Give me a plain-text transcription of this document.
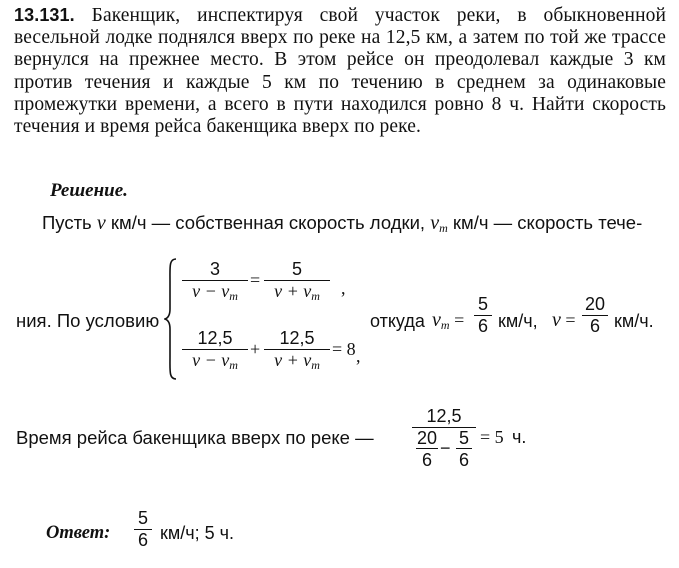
13.131. Бакенщик, инспектируя свой участок реки, в обыкновенной весельной лодке поднялся вверх по реке на 12,5 км, а затем по той же трассе вернулся на прежнее место. В этом рейсе он преодолевал каждые 3 км против течения и каждые 5 км по течению в среднем за одинаковые промежутки времени, а всего в пути находился ровно 8 ч. Найти скорость течения и время рейса бакенщика вверх по реке.
Решение.
Пусть v км/ч — собственная скорость лодки, $v_т$ км/ч — скорость тече-
ния. По условию
3
$v - v_т$
=
5
$v + v_т$	,
12,5
$v - v_т$
+
12,5
$v + v_т$
= 8 ,
откуда $v_т$ =
5
6 км/ч, v =
20
6 км/ч.
Время рейса бакенщика вверх по реке —
12,5
20
6
− 5
6
= 5 ч.
Ответ:
5
6 км/ч; 5 ч.
